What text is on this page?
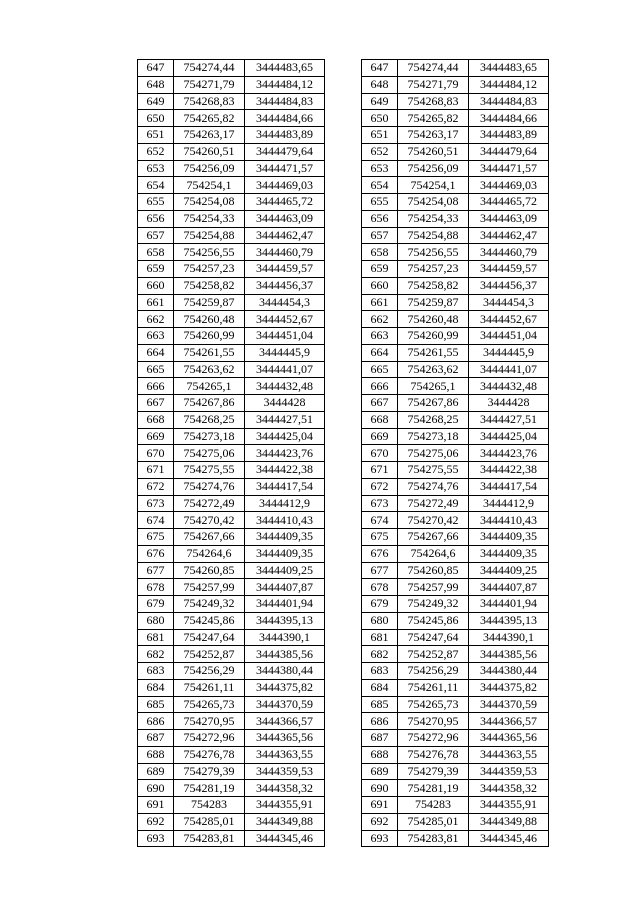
647	754274,44	3444483,65
648	754271,79	3444484,12
649	754268,83	3444484,83
650	754265,82	3444484,66
651	754263,17	3444483,89
652	754260,51	3444479,64
653	754256,09	3444471,57
654	754254,1	3444469,03
655	754254,08	3444465,72
656	754254,33	3444463,09
657	754254,88	3444462,47
658	754256,55	3444460,79
659	754257,23	3444459,57
660	754258,82	3444456,37
661	754259,87	3444454,3
662	754260,48	3444452,67
663	754260,99	3444451,04
664	754261,55	3444445,9
665	754263,62	3444441,07
666	754265,1	3444432,48
667	754267,86	3444428
668	754268,25	3444427,51
669	754273,18	3444425,04
670	754275,06	3444423,76
671	754275,55	3444422,38
672	754274,76	3444417,54
673	754272,49	3444412,9
674	754270,42	3444410,43
675	754267,66	3444409,35
676	754264,6	3444409,35
677	754260,85	3444409,25
678	754257,99	3444407,87
679	754249,32	3444401,94
680	754245,86	3444395,13
681	754247,64	3444390,1
682	754252,87	3444385,56
683	754256,29	3444380,44
684	754261,11	3444375,82
685	754265,73	3444370,59
686	754270,95	3444366,57
687	754272,96	3444365,56
688	754276,78	3444363,55
689	754279,39	3444359,53
690	754281,19	3444358,32
691	754283	3444355,91
692	754285,01	3444349,88
693	754283,81	3444345,46
647	754274,44	3444483,65
648	754271,79	3444484,12
649	754268,83	3444484,83
650	754265,82	3444484,66
651	754263,17	3444483,89
652	754260,51	3444479,64
653	754256,09	3444471,57
654	754254,1	3444469,03
655	754254,08	3444465,72
656	754254,33	3444463,09
657	754254,88	3444462,47
658	754256,55	3444460,79
659	754257,23	3444459,57
660	754258,82	3444456,37
661	754259,87	3444454,3
662	754260,48	3444452,67
663	754260,99	3444451,04
664	754261,55	3444445,9
665	754263,62	3444441,07
666	754265,1	3444432,48
667	754267,86	3444428
668	754268,25	3444427,51
669	754273,18	3444425,04
670	754275,06	3444423,76
671	754275,55	3444422,38
672	754274,76	3444417,54
673	754272,49	3444412,9
674	754270,42	3444410,43
675	754267,66	3444409,35
676	754264,6	3444409,35
677	754260,85	3444409,25
678	754257,99	3444407,87
679	754249,32	3444401,94
680	754245,86	3444395,13
681	754247,64	3444390,1
682	754252,87	3444385,56
683	754256,29	3444380,44
684	754261,11	3444375,82
685	754265,73	3444370,59
686	754270,95	3444366,57
687	754272,96	3444365,56
688	754276,78	3444363,55
689	754279,39	3444359,53
690	754281,19	3444358,32
691	754283	3444355,91
692	754285,01	3444349,88
693	754283,81	3444345,46
